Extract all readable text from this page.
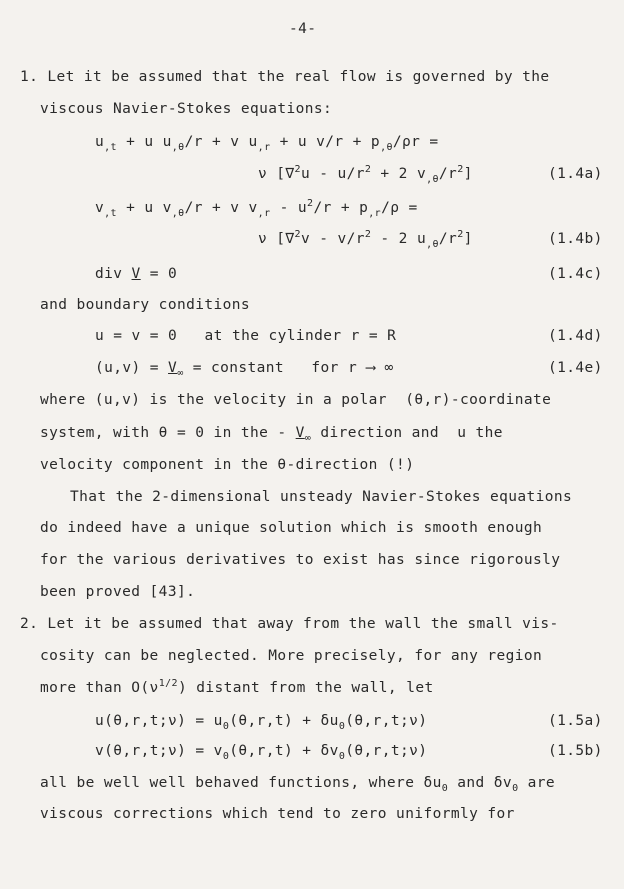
-4-
1. Let it be assumed that the real flow is governed by the
viscous Navier-Stokes equations:
$u_{,t} + u$ $u_{,\theta}/r + v$ $u_{,r} + u$ $v/r + p_{,\theta}/\rho r$ =
ν [$\nabla^2u - u/r^2 + 2$ $v_{,\theta}/r^2$]	(1.4a)
$v_{,t} + u$ $v_{,\theta}/r + v$ $v_{,r} - u^2/r + p_{,r}/\rho$ =
ν [$\nabla^2v - v/r^2 - 2$ $u_{,\theta}/r^2$]	(1.4b)
div V = 0	(1.4c)
and boundary conditions
u = v = 0   at the cylinder r = R	(1.4d)
$(u,v) = V_\infty$ = constant   for r ⟶ ∞	(1.4e)
where (u,v) is the velocity in a polar  (θ,r)-coordinate
system, with θ = 0 in the - $V_\infty$ direction and  u the
velocity component in the θ-direction (!)
That the 2-dimensional unsteady Navier-Stokes equations
do indeed have a unique solution which is smooth enough
for the various derivatives to exist has since rigorously
been proved [43].
2. Let it be assumed that away from the wall the small vis-
cosity can be neglected. More precisely, for any region
more than $O(\nu^{1/2})$ distant from the wall, let
u(θ,r,t;ν) = $u_0(\theta,r,t)$ + $\delta u_0(\theta,r,t;\nu)$	(1.5a)
v(θ,r,t;ν) = $v_0(\theta,r,t)$ + $\delta v_0(\theta,r,t;\nu)$	(1.5b)
all be well well behaved functions, where $\delta u_0$ and $\delta v_0$ are
viscous corrections which tend to zero uniformly for
